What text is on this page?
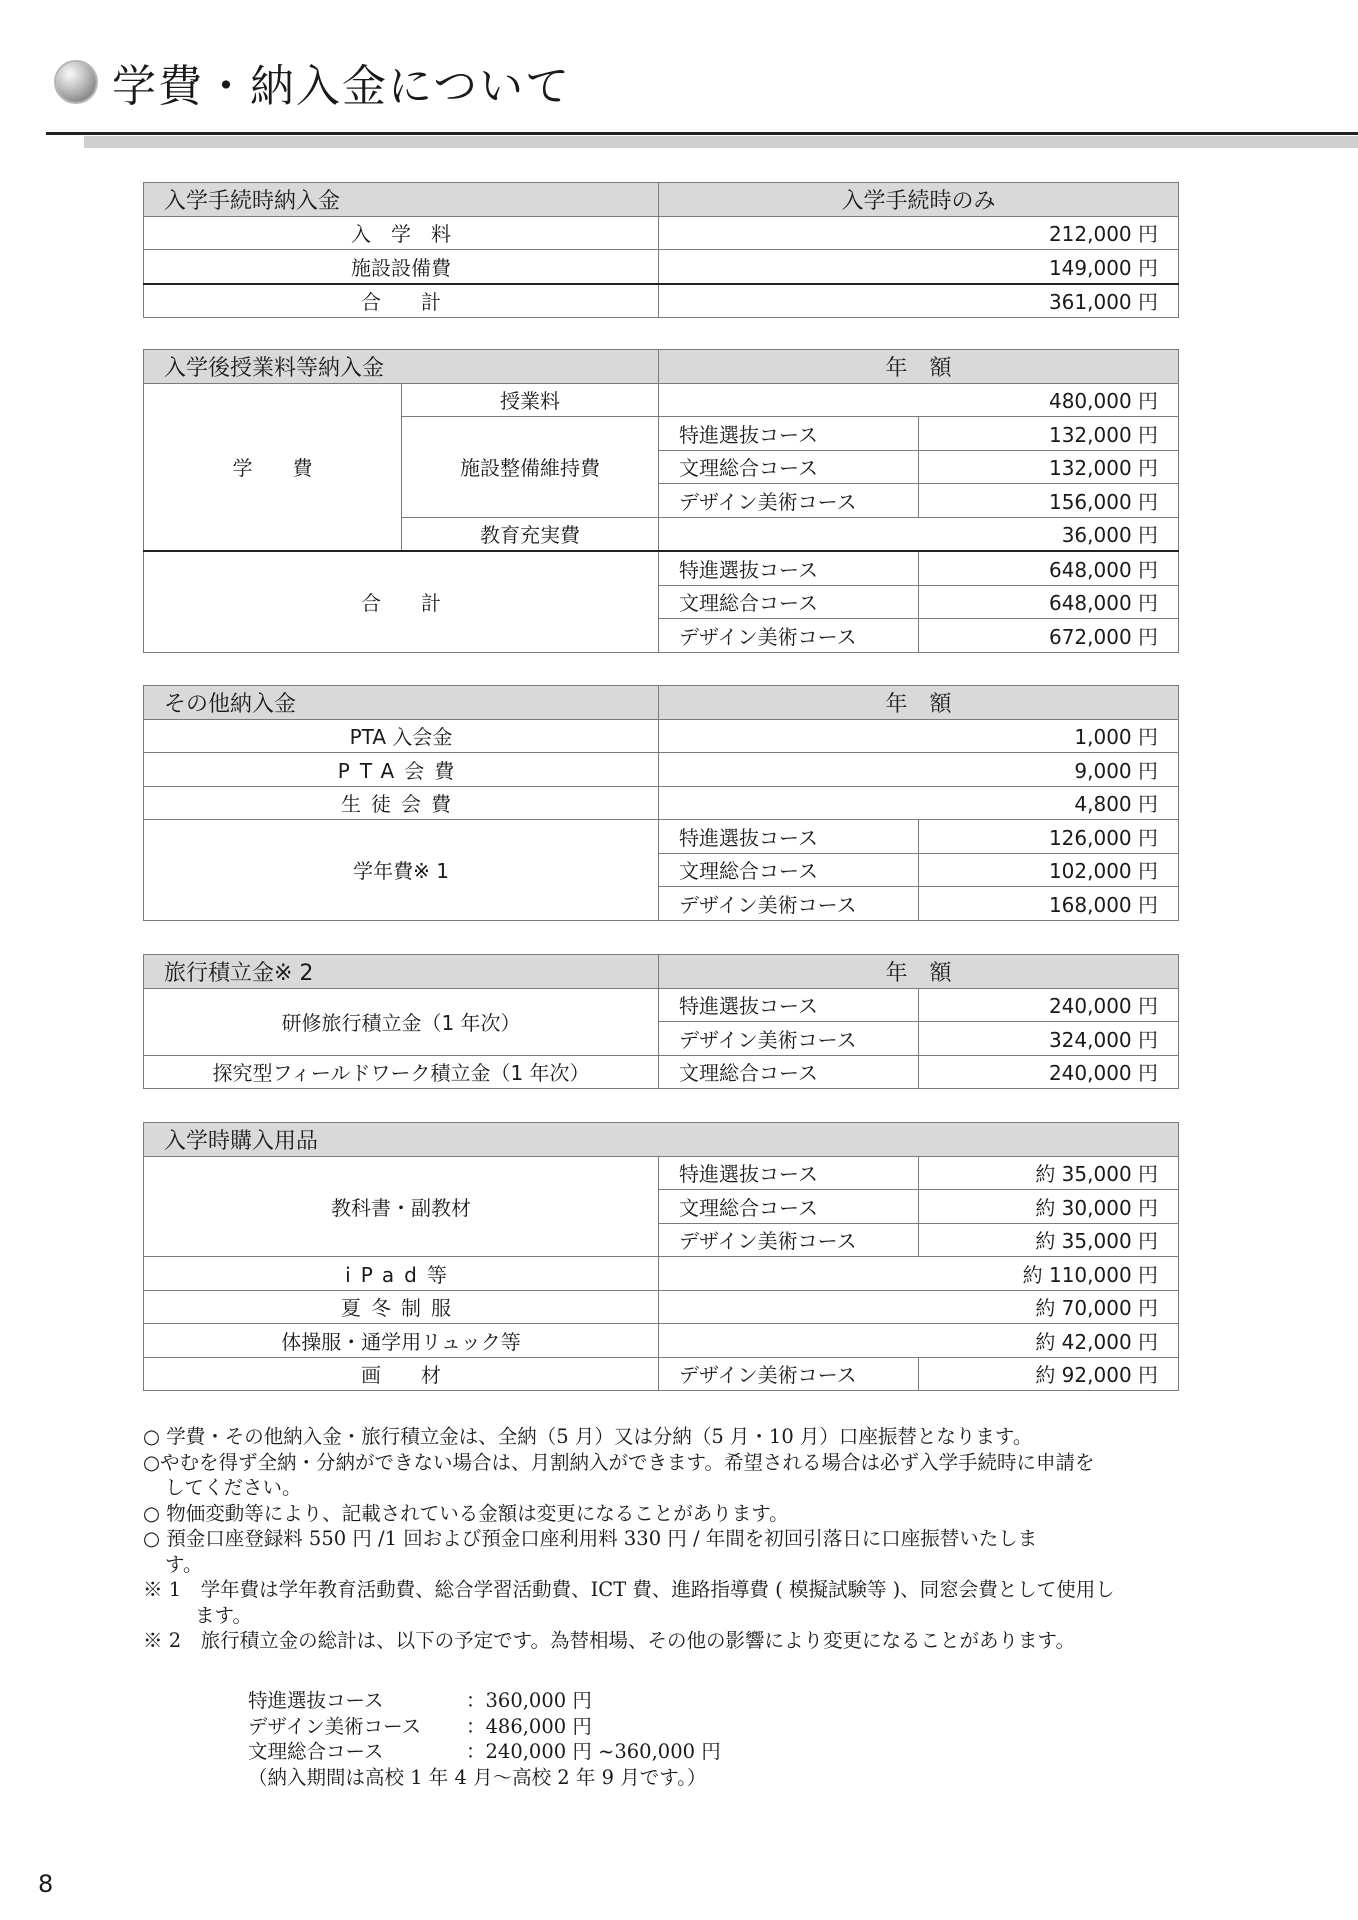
学費・納入金について
入学手続時納入金	入学手続時のみ
入　学　料	212,000 円
施設設備費	149,000 円
合　　計	361,000 円
入学後授業料等納入金		年　額	
学　　費	授業料	480,000 円	
	施設整備維持費	特進選抜コース	132,000 円
		文理総合コース	132,000 円
		デザイン美術コース	156,000 円
	教育充実費	36,000 円	
合　　計		特進選抜コース	648,000 円
		文理総合コース	648,000 円
		デザイン美術コース	672,000 円
その他納入金	年　額	
PTA 入会金	1,000 円	
PTA会費	9,000 円	
生徒会費	4,800 円	
学年費※ 1	特進選抜コース	126,000 円
	文理総合コース	102,000 円
	デザイン美術コース	168,000 円
旅行積立金※ 2	年　額	
研修旅行積立金（1 年次）	特進選抜コース	240,000 円
	デザイン美術コース	324,000 円
探究型フィールドワーク積立金（1 年次）	文理総合コース	240,000 円
入学時購入用品		
教科書・副教材	特進選抜コース	約 35,000 円
	文理総合コース	約 30,000 円
	デザイン美術コース	約 35,000 円
iPad等	約 110,000 円	
夏冬制服	約 70,000 円	
体操服・通学用リュック等	約 42,000 円	
画　　材	デザイン美術コース	約 92,000 円

○ 学費・その他納入金・旅行積立金は、全納（5 月）又は分納（5 月・10 月）口座振替となります。

○やむを得ず全納・分納ができない場合は、月割納入ができます。希望される場合は必ず入学手続時に申請を

してください。

○ 物価変動等により、記載されている金額は変更になることがあります。

○ 預金口座登録料 550 円 /1 回および預金口座利用料 330 円 / 年間を初回引落日に口座振替いたしま

す。

※ 1　学年費は学年教育活動費、総合学習活動費、ICT 費、進路指導費 ( 模擬試験等 )、同窓会費として使用し

ます。

※ 2　旅行積立金の総計は、以下の予定です。為替相場、その他の影響により変更になることがあります。

特進選抜コース	：360,000 円
デザイン美術コース	：486,000 円
文理総合コース	：240,000 円 ~360,000 円
（納入期間は高校 1 年 4 月〜高校 2 年 9 月です。）
8
